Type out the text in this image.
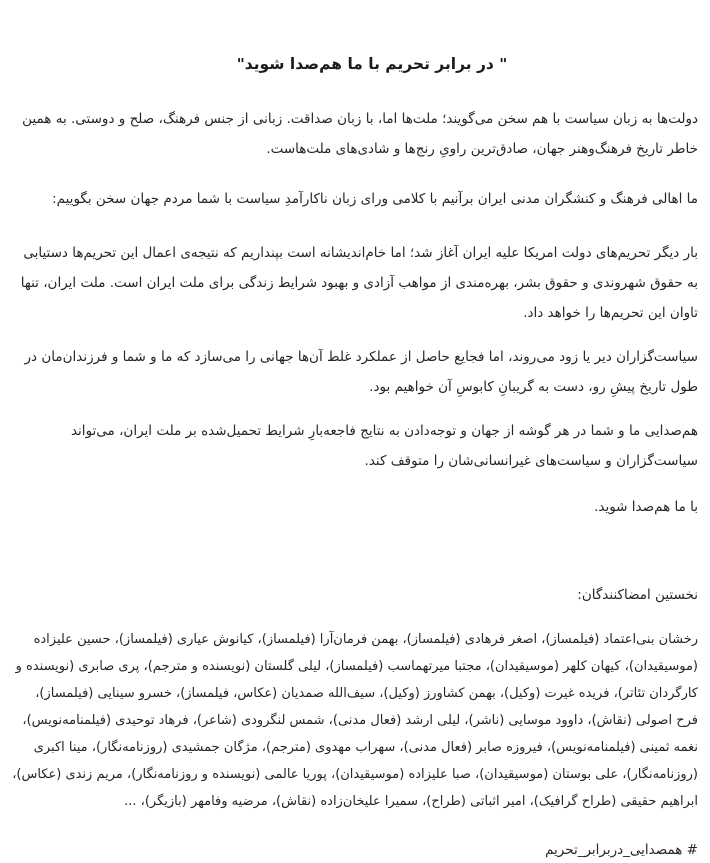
" در برابر تحریم با ما هم‌صدا شوید"

دولت‌ها به زبان سیاست با هم سخن می‌گویند؛ ملت‌ها اما، با زبان صداقت. زبانی از جنس فرهنگ، صلح و دوستی. به همین خاطر تاریخ فرهنگ‌وهنر جهان، صادق‌ترین راویِ رنج‌ها و شادی‌های ملت‌هاست.

ما اهالی فرهنگ و کنشگران مدنی ایران برآنیم با کلامی ورای زبان ناکارآمدِ سیاست با شما مردم جهان سخن بگوییم:

بار دیگر تحریم‌های دولت امریکا علیه ایران آغاز شد؛ اما خام‌اندیشانه است بپنداریم که نتیجه‌ی اعمال این تحریم‌ها دستیابی به حقوق شهروندی و حقوق بشر، بهره‌مندی از مواهب آزادی و بهبود شرایط زندگی برای ملت ایران است. ملت ایران، تنها تاوان این تحریم‌ها را خواهد داد.

سیاست‌گزاران دیر یا زود می‌روند، اما فجایع حاصل از عملکرد غلط آن‌ها جهانی را می‌سازد که ما و شما و فرزندان‌مان در طول تاریخ پیشِ رو، دست به گریبانِ کابوسِ آن خواهیم بود.

هم‌صدایی ما و شما در هر گوشه از جهان و توجه‌دادن به نتایج فاجعه‌بارِ شرایط تحمیل‌شده بر ملت ایران، می‌تواند سیاست‌گزاران و سیاست‌های غیرانسانی‌شان را متوقف کند.

با ما هم‌صدا شوید.

نخستین امضاکنندگان:

رخشان بنی‌اعتماد (فیلمساز)، اصغر فرهادی (فیلمساز)، بهمن فرمان‌آرا (فیلمساز)، کیانوش عیاری (فیلمساز)، حسین علیزاده (موسیقیدان)، کیهان کلهر (موسیقیدان)، مجتبا میرتهماسب (فیلمساز)، لیلی گلستان (نویسنده و مترجم)، پری صابری (نویسنده و کارگردان تئاتر)، فریده غیرت (وکیل)، بهمن کشاورز (وکیل)، سیف‌الله صمدیان (عکاس، فیلمساز)، خسرو سینایی (فیلمساز)، فرح اصولی (نقاش)، داوود موسایی (ناشر)، لیلی ارشد (فعال مدنی)، شمس لنگرودی (شاعر)، فرهاد توحیدی (فیلمنامه‌نویس)، نغمه ثمینی (فیلمنامه‌نویس)، فیروزه صابر (فعال مدنی)، سهراب مهدوی (مترجم)، مژگان جمشیدی (روزنامه‌نگار)، مینا اکبری (روزنامه‌نگار)، علی بوستان (موسیقیدان)، صبا علیزاده (موسیقیدان)، پوریا عالمی (نویسنده و روزنامه‌نگار)، مریم زندی (عکاس)، ابراهیم حقیقی (طراح گرافیک)، امیر اثباتی (طراح)، سمیرا علیخان‌زاده (نقاش)، مرضیه وفامهر (بازیگر)، ...

# همصدایی_دربرابر_تحریم
